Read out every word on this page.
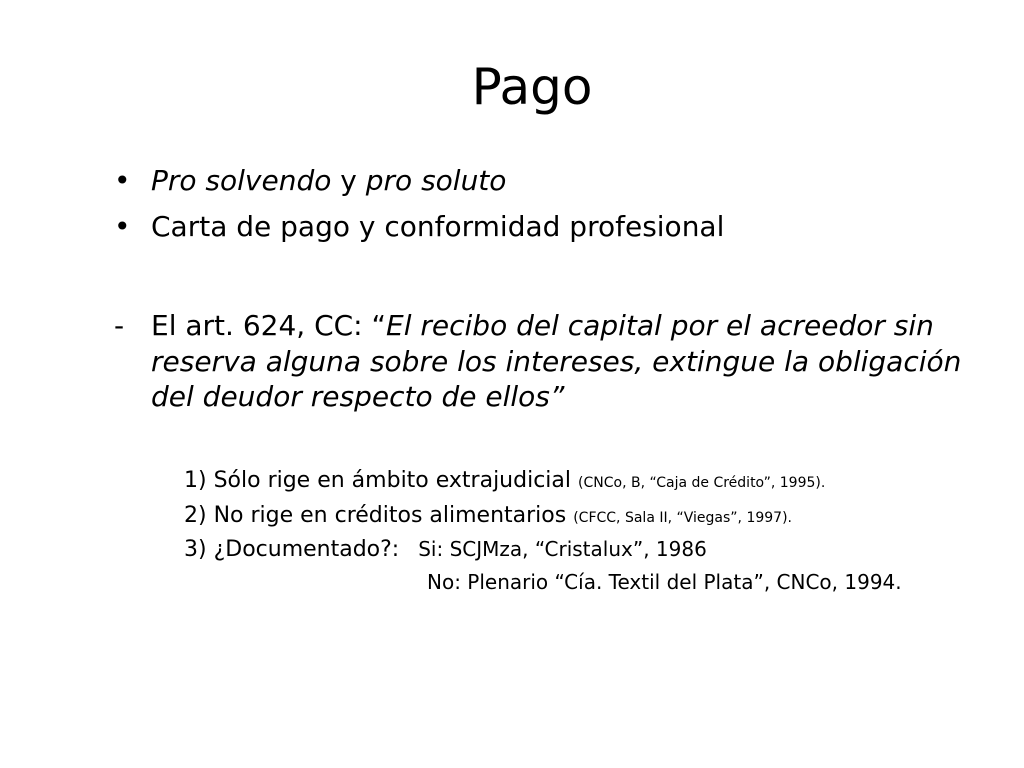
Pago
• Pro solvendo y pro soluto
• Carta de pago y conformidad profesional
- El art. 624, CC: “El recibo del capital por el acreedor sin reserva alguna sobre los intereses, extingue la obligación del deudor respecto de ellos”
1) Sólo rige en ámbito extrajudicial (CNCo, B, “Caja de Crédito”, 1995).
2) No rige en créditos alimentarios (CFCC, Sala II, “Viegas”, 1997).
3) ¿Documentado?: Si: SCJMza, “Cristalux”, 1986
No: Plenario “Cía. Textil del Plata”, CNCo, 1994.
